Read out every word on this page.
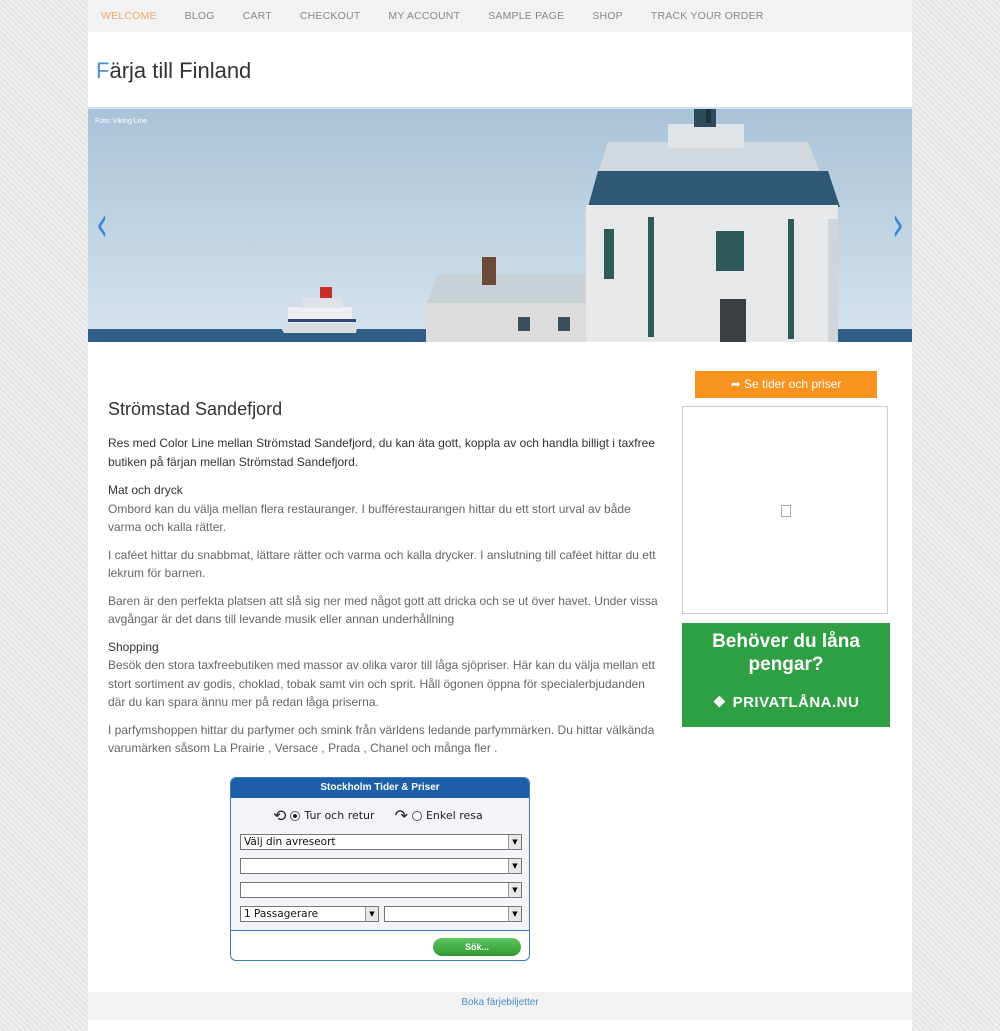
WELCOME	BLOG	CART	CHECKOUT	MY ACCOUNT	SAMPLE PAGE	SHOP	TRACK YOUR ORDER
Färja till Finland
Foto: Viking Line
‹	›
Strömstad Sandefjord

Res med Color Line mellan Strömstad Sandefjord, du kan äta gott, koppla av och handla billigt i taxfree butiken på färjan mellan Strömstad Sandefjord.

Mat och dryck
Ombord kan du välja mellan flera restauranger. I bufférestaurangen hittar du ett stort urval av både varma och kalla rätter.

I caféet hittar du snabbmat, lättare rätter och varma och kalla drycker. I anslutning till caféet hittar du ett lekrum för barnen.

Baren är den perfekta platsen att slå sig ner med något gott att dricka och se ut över havet. Under vissa avgångar är det dans till levande musik eller annan underhållning

Shopping
Besök den stora taxfreebutiken med massor av olika varor till låga sjöpriser. Här kan du välja mellan ett stort sortiment av godis, choklad, tobak samt vin och sprit. Håll ögonen öppna för specialerbjudanden där du kan spara ännu mer på redan låga priserna.

I parfymshoppen hittar du parfymer och smink från världens ledande parfymmärken. Du hittar välkända varumärken såsom La Prairie , Versace , Prada , Chanel och många fler .

Stockholm Tider & Priser
⟲ Tur och retur ↷ Enkel resa
Välj din avreseort	▼
▼
▼
1 Passagerare	▼	▼
Sök...
➦ Se tider och priser
Behöver du låna pengar?
❖ PRIVATLÅNA.NU
Boka färjebiljetter
